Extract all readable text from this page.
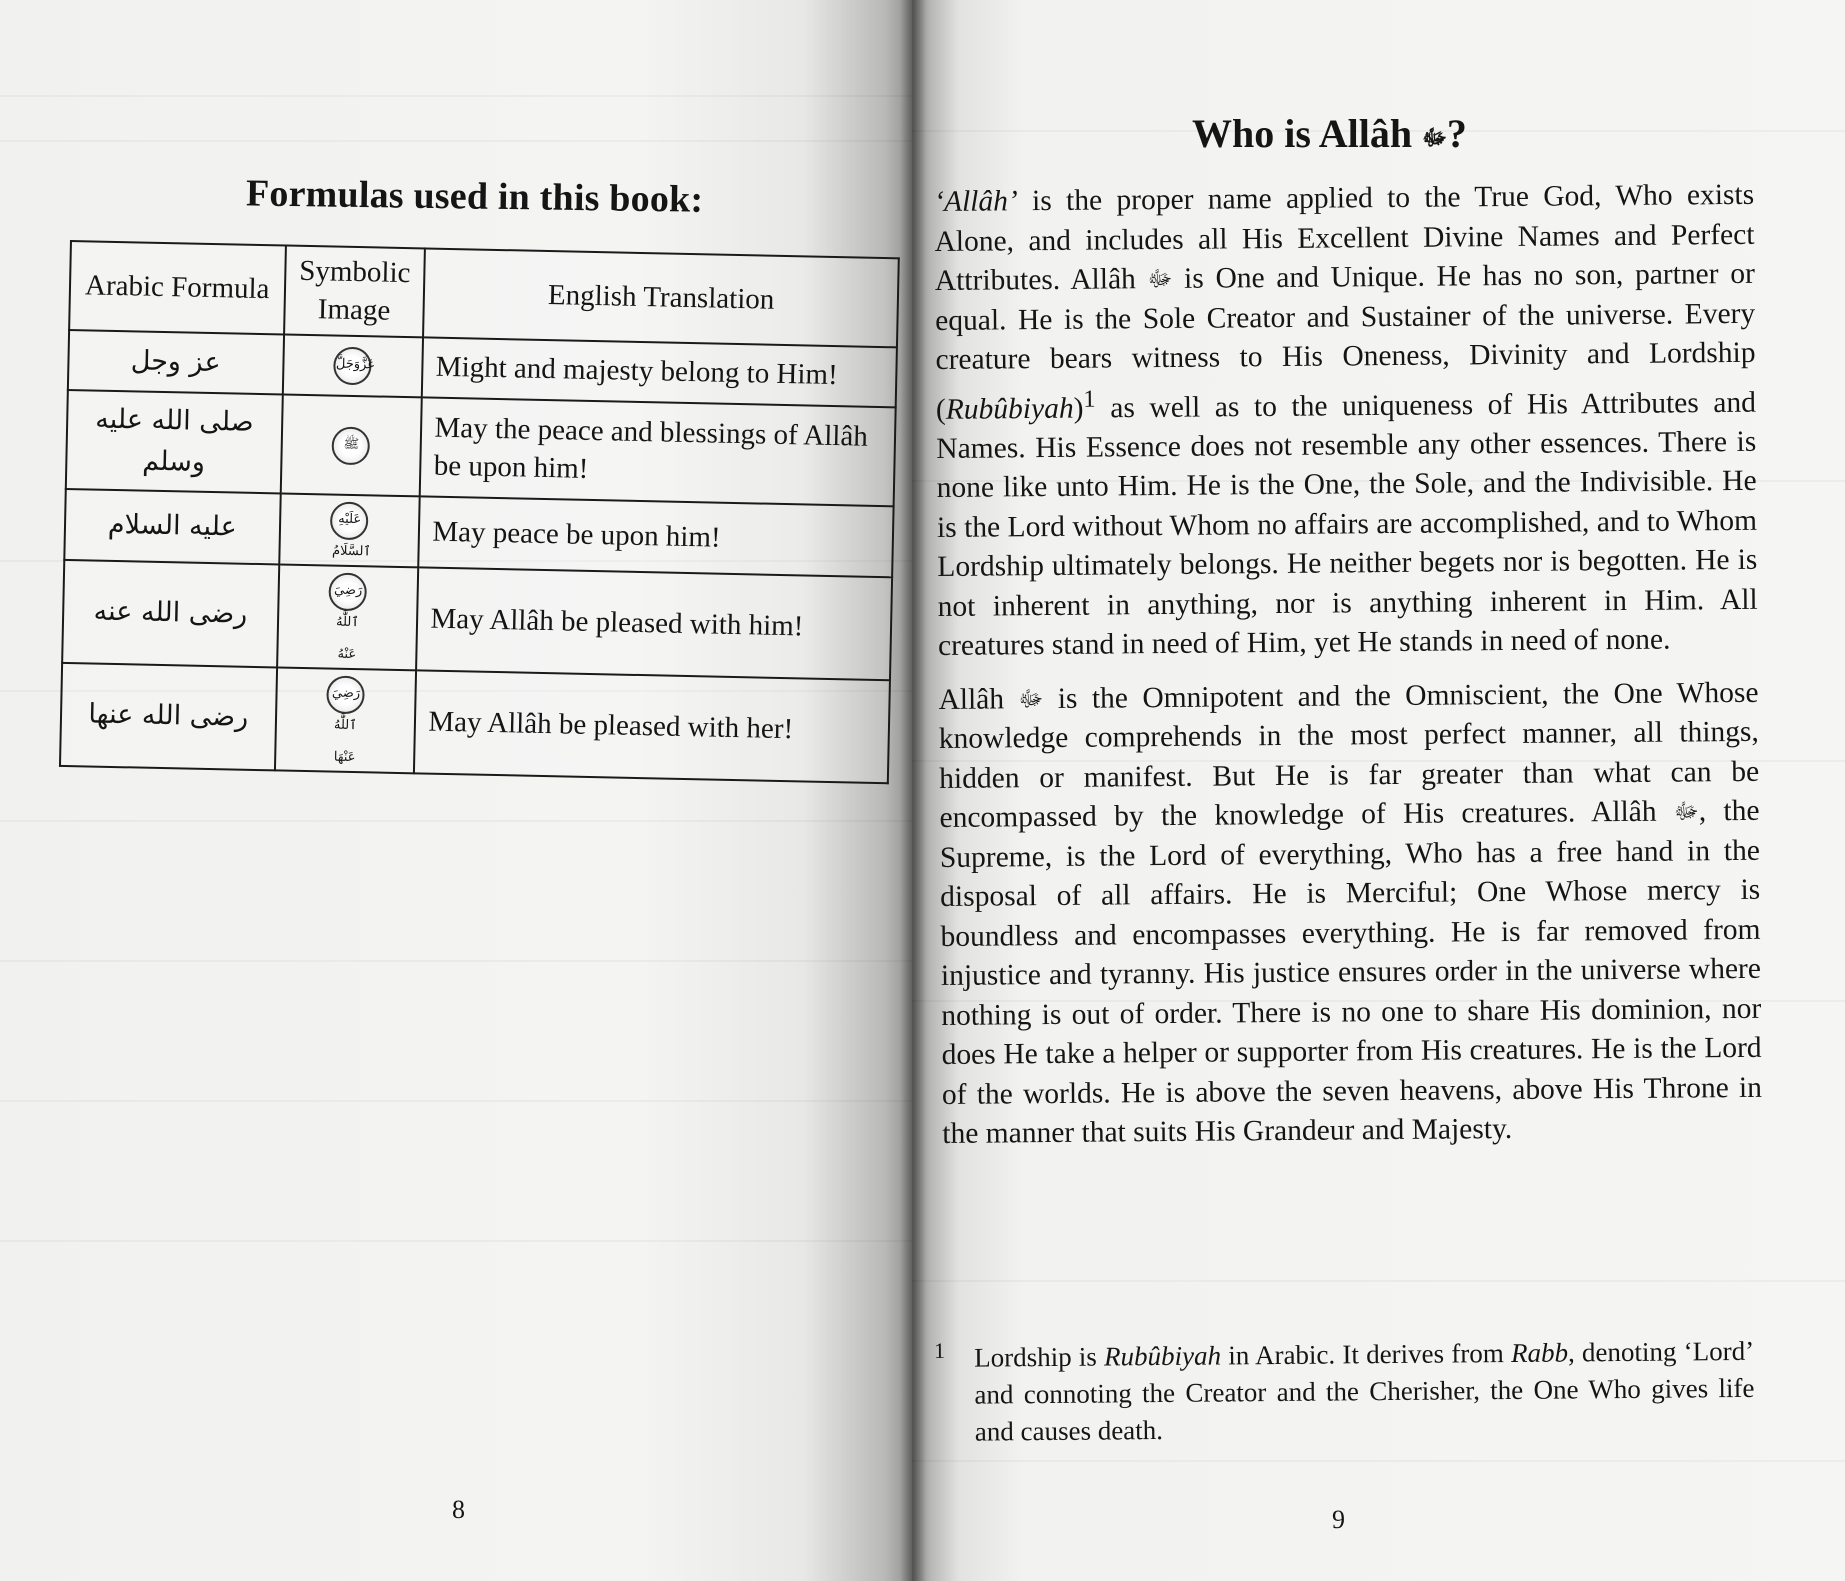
Formulas used in this book:
Arabic Formula	Symbolic Image	English Translation
عز وجل	عَزَّوَجَلَّ	Might and majesty belong to Him!
صلى الله عليه وسلم	ﷺ	May the peace and blessings of Allâh be upon him!
عليه السلام	عَلَيْهِ ٱلسَّلَامُ	May peace be upon him!
رضى الله عنه	رَضِيَ ٱللَّٰهُ عَنْهُ	May Allâh be pleased with him!
رضى الله عنها	رَضِيَ ٱللَّٰهُ عَنْهَا	May Allâh be pleased with her!
8	9
Who is Allâh ﷻ?

‘Allâh’ is the proper name applied to the True God, Who exists Alone, and includes all His Excellent Divine Names and Perfect Attributes. Allâh ﷻ is One and Unique. He has no son, partner or equal. He is the Sole Creator and Sustainer of the universe. Every creature bears witness to His Oneness, Divinity and Lordship (Rubûbiyah)$^1$ as well as to the uniqueness of His Attributes and Names. His Essence does not resemble any other essences. There is none like unto Him. He is the One, the Sole, and the Indivisible. He is the Lord without Whom no affairs are accomplished, and to Whom Lordship ultimately belongs. He neither begets nor is begotten. He is not inherent in anything, nor is anything inherent in Him. All creatures stand in need of Him, yet He stands in need of none.

Allâh ﷻ is the Omnipotent and the Omniscient, the One Whose knowledge comprehends in the most perfect manner, all things, hidden or manifest. But He is far greater than what can be encompassed by the knowledge of His creatures. Allâh ﷻ, the Supreme, is the Lord of everything, Who has a free hand in the disposal of all affairs. He is Merciful; One Whose mercy is boundless and encompasses everything. He is far removed from injustice and tyranny. His justice ensures order in the universe where nothing is out of order. There is no one to share His dominion, nor does He take a helper or supporter from His creatures. He is the Lord of the worlds. He is above the seven heavens, above His Throne in the manner that suits His Grandeur and Majesty.

1 Lordship is Rubûbiyah in Arabic. It derives from Rabb, denoting ‘Lord’ and connoting the Creator and the Cherisher, the One Who gives life and causes death.
